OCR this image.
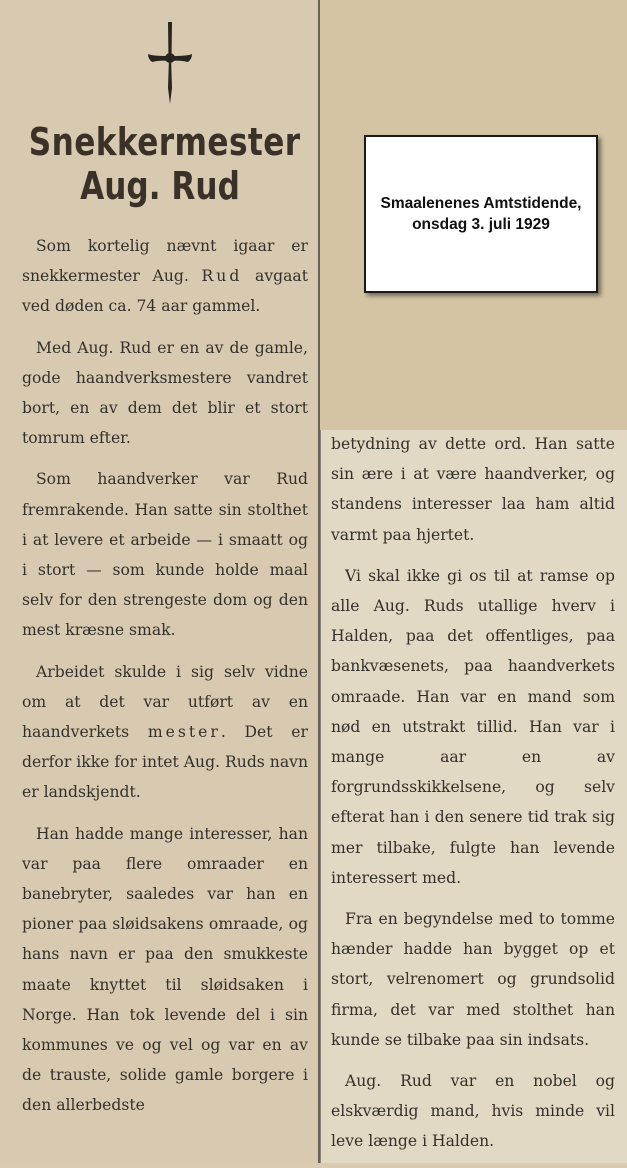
Snekkermester
Aug. Rud

Som kortelig nævnt igaar er snekkermester Aug. Rud avgaat ved døden ca. 74 aar gammel.

Med Aug. Rud er en av de gamle, gode haandverksmestere vandret bort, en av dem det blir et stort tomrum efter.

Som haandverker var Rud fremrakende. Han satte sin stolthet i at levere et arbeide — i smaatt og i stort — som kunde holde maal selv for den strengeste dom og den mest kræsne smak.

Arbeidet skulde i sig selv vidne om at det var utført av en haandverkets mester. Det er derfor ikke for intet Aug. Ruds navn er landskjendt.

Han hadde mange interesser, han var paa flere omraader en banebryter, saaledes var han en pioner paa sløidsakens omraade, og hans navn er paa den smukkeste maate knyttet til sløidsaken i Norge. Han tok levende del i sin kommunes ve og vel og var en av de trauste, solide gamle borgere i den allerbedste

betydning av dette ord. Han satte sin ære i at være haandverker, og standens interesser laa ham altid varmt paa hjertet.

Vi skal ikke gi os til at ramse op alle Aug. Ruds utallige hverv i Halden, paa det offentliges, paa bankvæsenets, paa haandverkets omraade. Han var en mand som nød en utstrakt tillid. Han var i mange aar en av forgrundsskikkelsene, og selv efterat han i den senere tid trak sig mer tilbake, fulgte han levende interessert med.

Fra en begyndelse med to tomme hænder hadde han bygget op et stort, velrenomert og grundsolid firma, det var med stolthet han kunde se tilbake paa sin indsats.

Aug. Rud var en nobel og elskværdig mand, hvis minde vil leve længe i Halden.

Smaalenenes Amtstidende, onsdag 3. juli 1929
